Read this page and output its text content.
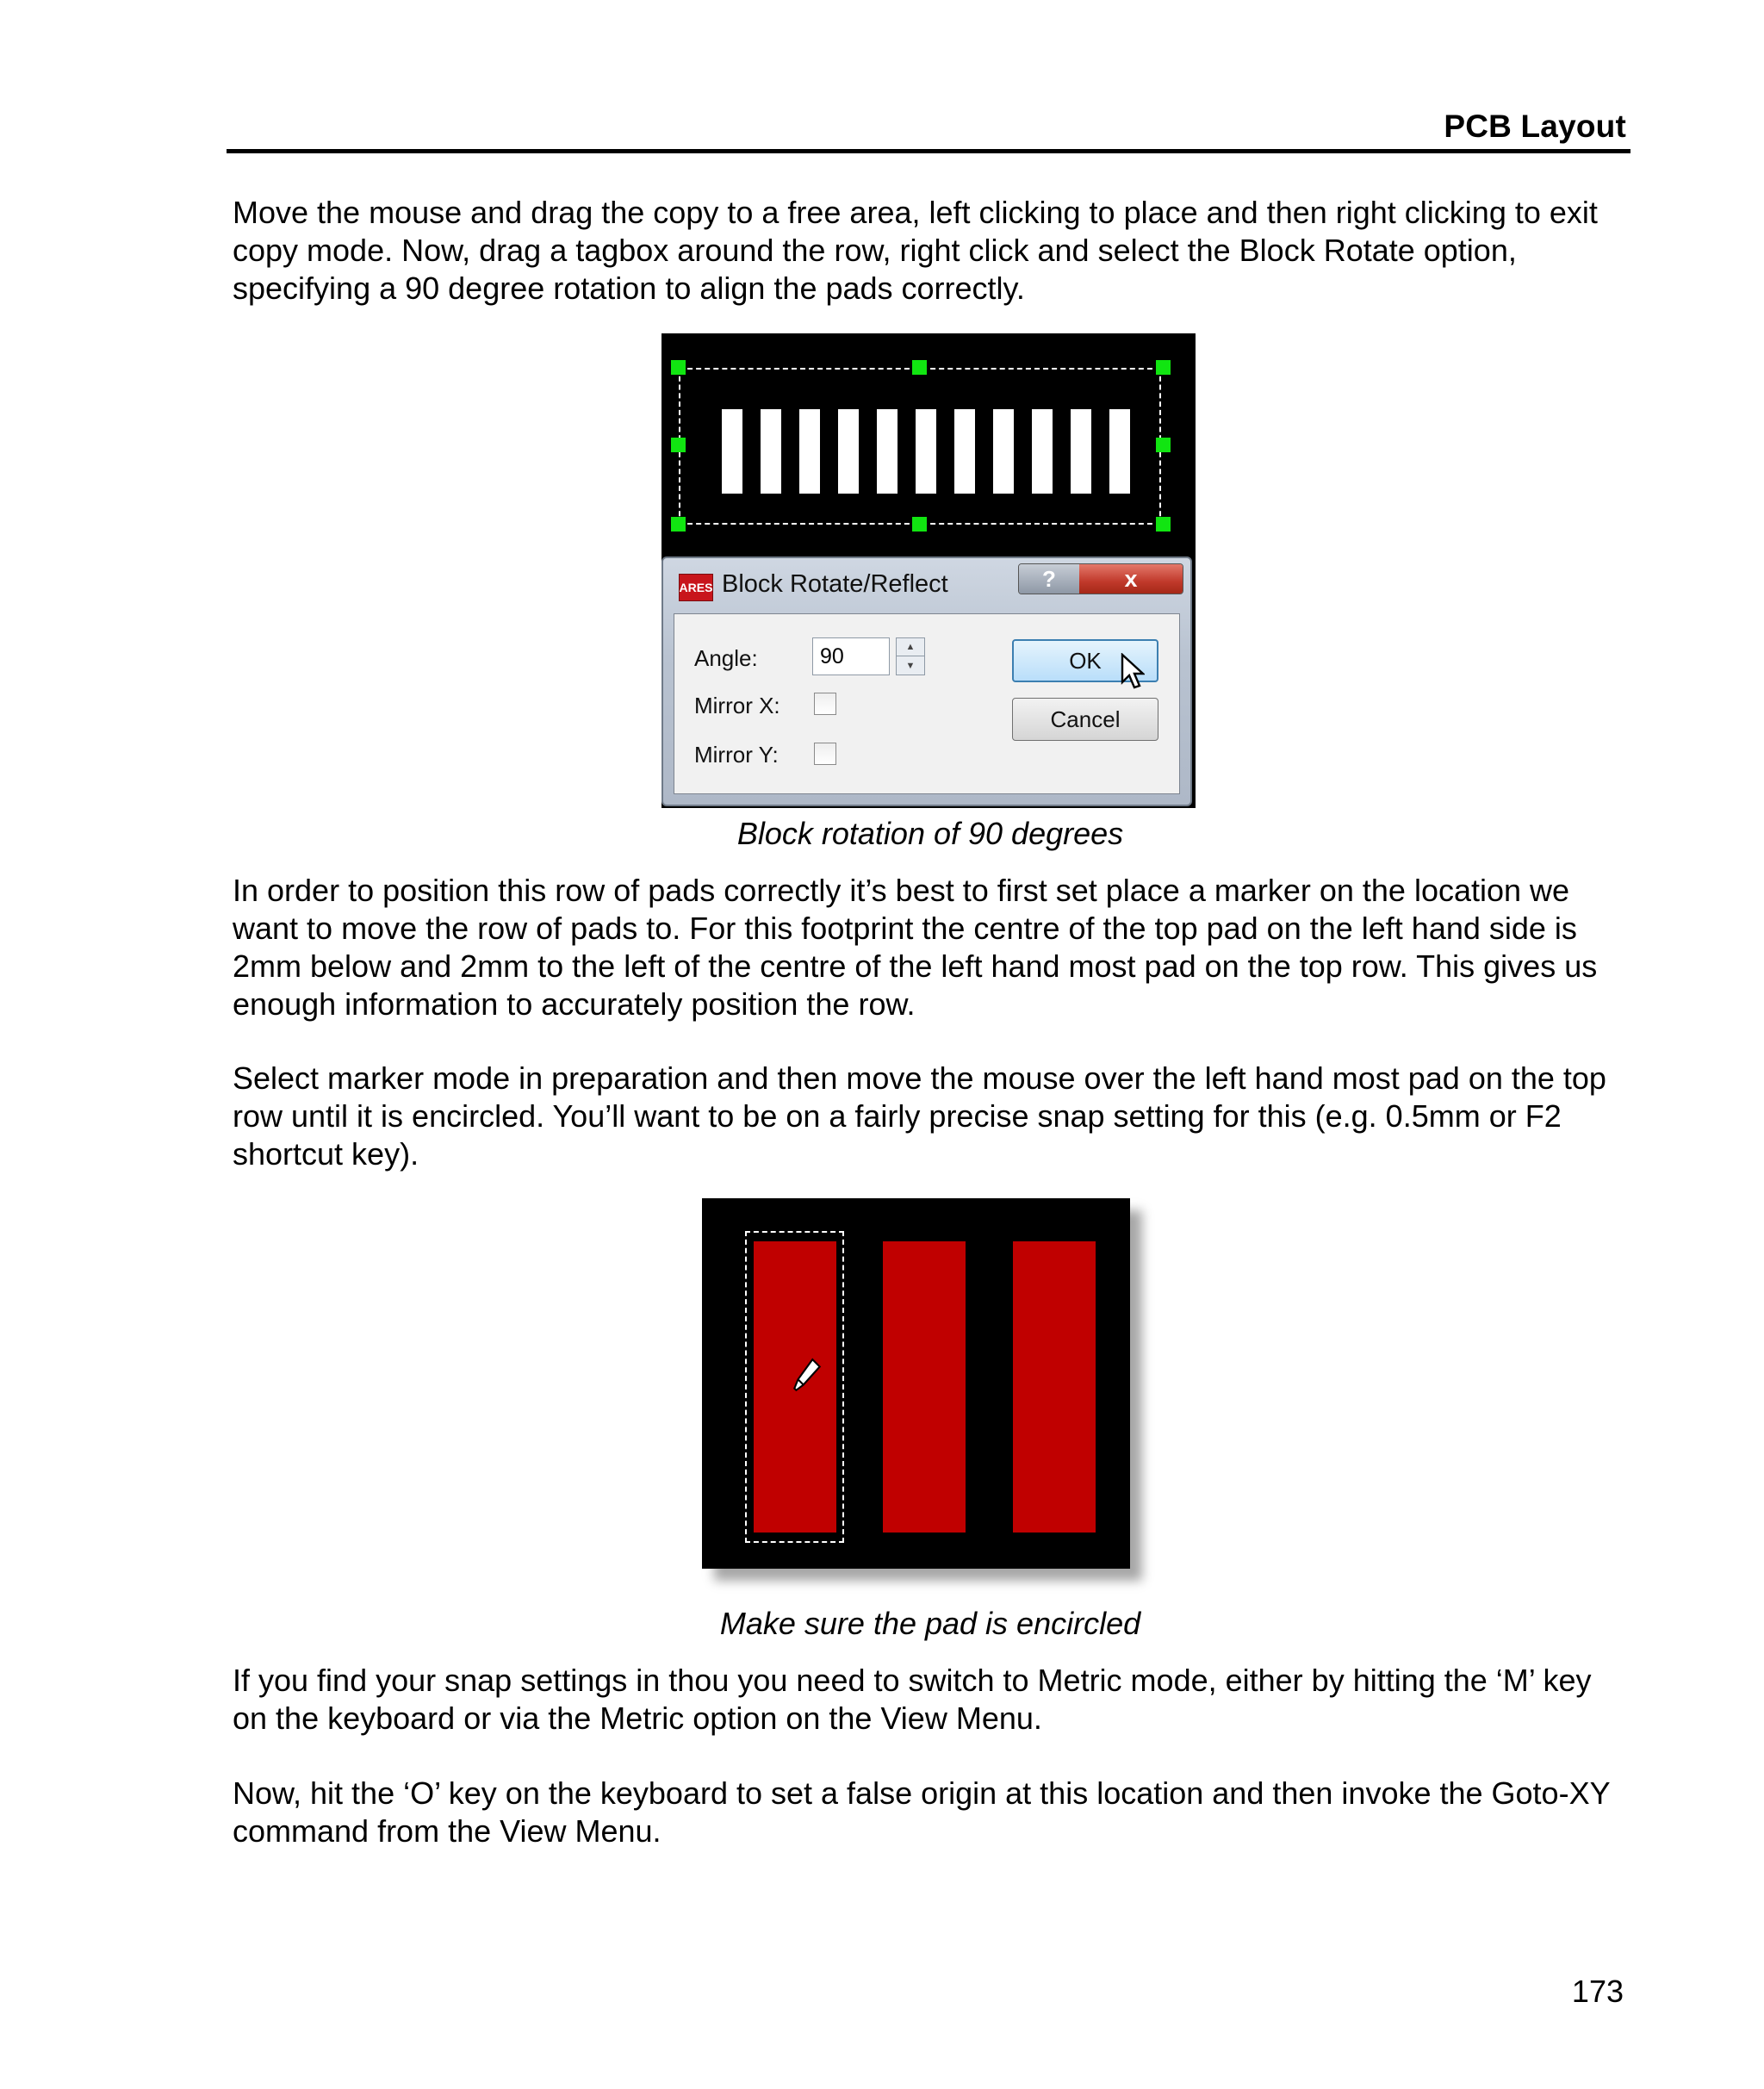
PCB Layout

Move the mouse and drag the copy to a free area, left clicking to place and then right clicking to exit copy mode. Now, drag a tagbox around the row, right click and select the Block Rotate option, specifying a 90 degree rotation to align the pads correctly.

ARES Block Rotate/Reflect	?	x
Angle:
90	▲
▼
Mirror X:
Mirror Y:
OK
Cancel

Block rotation of 90 degrees

In order to position this row of pads correctly it’s best to first set place a marker on the location we want to move the row of pads to. For this footprint the centre of the top pad on the left hand side is 2mm below and 2mm to the left of the centre of the left hand most pad on the top row. This gives us enough information to accurately position the row.

Select marker mode in preparation and then move the mouse over the left hand most pad on the top row until it is encircled. You’ll want to be on a fairly precise snap setting for this (e.g. 0.5mm or F2 shortcut key).

Make sure the pad is encircled

If you find your snap settings in thou you need to switch to Metric mode, either by hitting the ‘M’ key on the keyboard or via the Metric option on the View Menu.

Now, hit the ‘O’ key on the keyboard to set a false origin at this location and then invoke the Goto-XY command from the View Menu.

173
